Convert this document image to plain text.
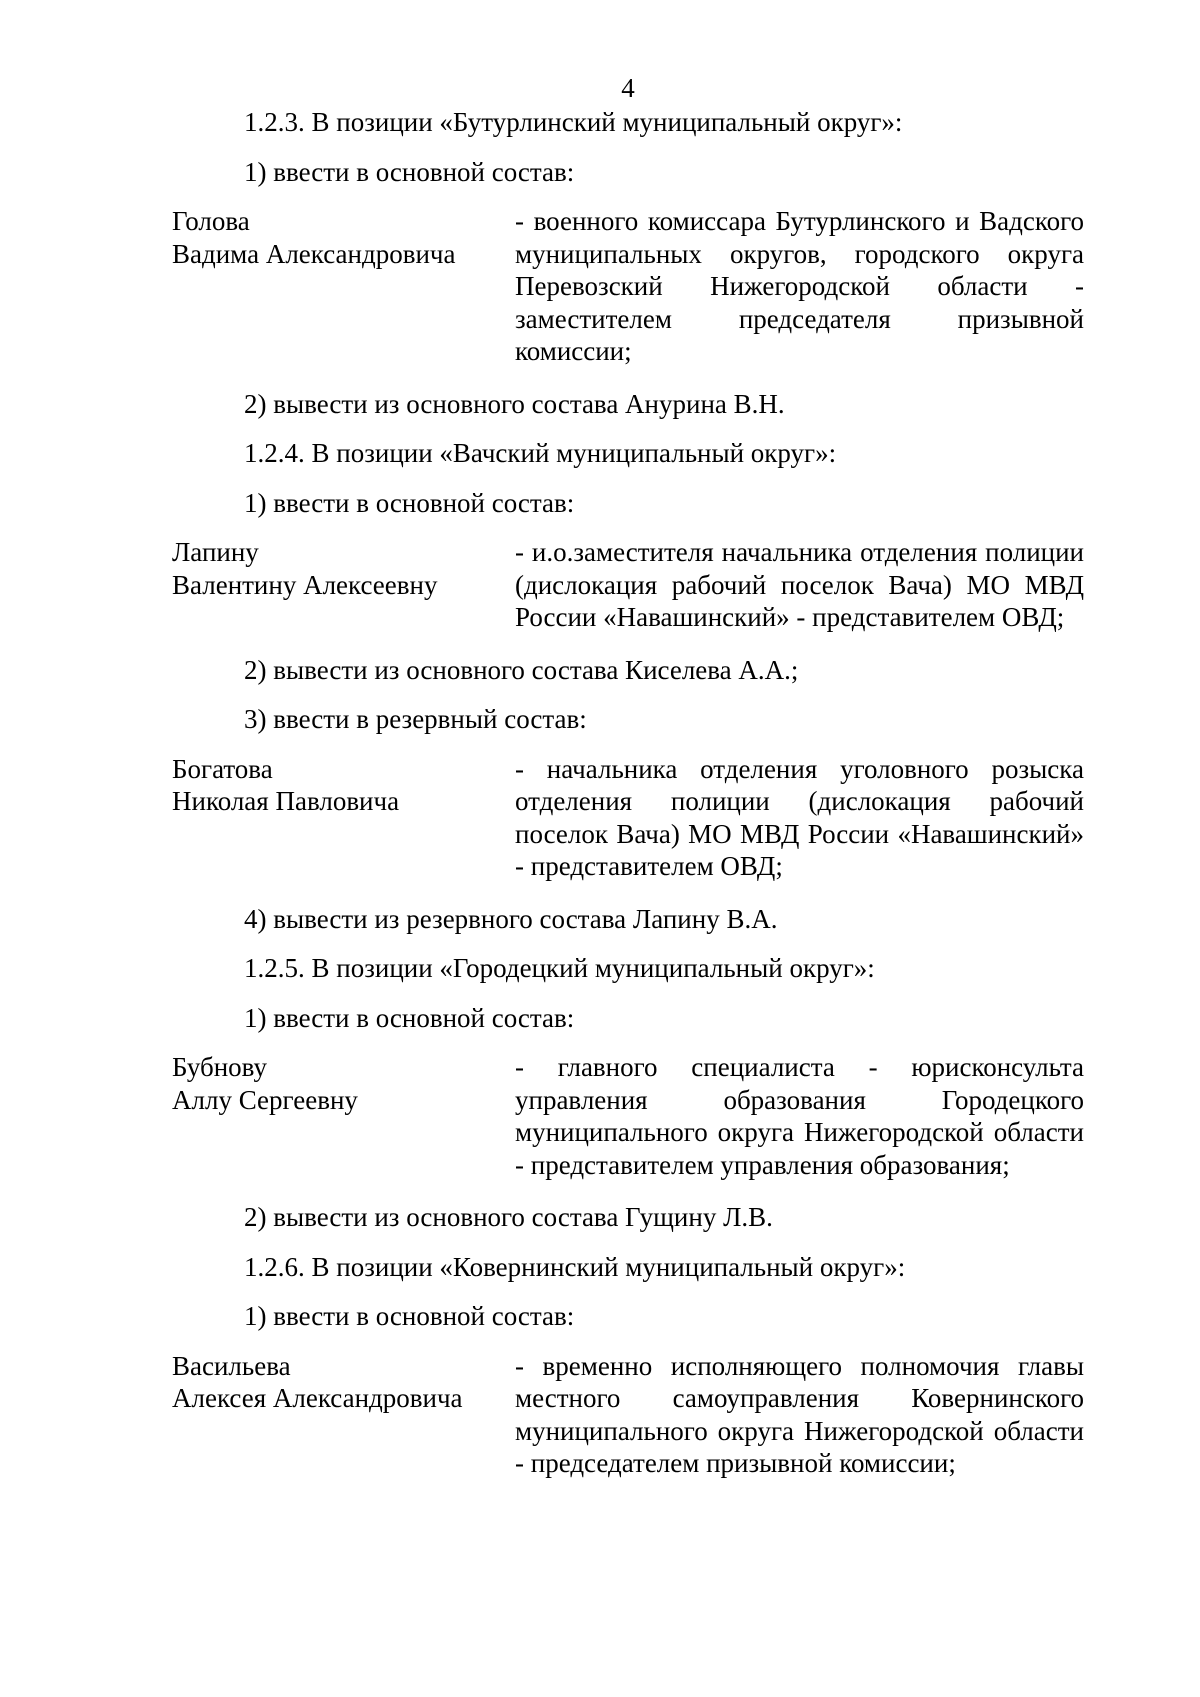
4

1.2.3. В позиции «Бутурлинский муниципальный округ»:

1) ввести в основной состав:

Голова
Вадима Александровича
- военного комиссара Бутурлинского и Вадского муниципальных округов, городского округа Перевозский Нижегородской области - заместителем председателя призывной комиссии;

2) вывести из основного состава Анурина В.Н.

1.2.4. В позиции «Вачский муниципальный округ»:

1) ввести в основной состав:

Лапину
Валентину Алексеевну
- и.о.заместителя начальника отделения полиции (дислокация рабочий поселок Вача) МО МВД России «Навашинский» - представителем ОВД;

2) вывести из основного состава Киселева А.А.;

3) ввести в резервный состав:

Богатова
Николая Павловича
- начальника отделения уголовного розыска отделения полиции (дислокация рабочий поселок Вача) МО МВД России «Навашинский» - представителем ОВД;

4) вывести из резервного состава Лапину В.А.

1.2.5. В позиции «Городецкий муниципальный округ»:

1) ввести в основной состав:

Бубнову
Аллу Сергеевну
- главного специалиста - юрисконсульта управления образования Городецкого муниципального округа Нижегородской области - представителем управления образования;

2) вывести из основного состава Гущину Л.В.

1.2.6. В позиции «Ковернинский муниципальный округ»:

1) ввести в основной состав:

Васильева
Алексея Александровича
- временно исполняющего полномочия главы местного самоуправления Ковернинского муниципального округа Нижегородской области - председателем призывной комиссии;
